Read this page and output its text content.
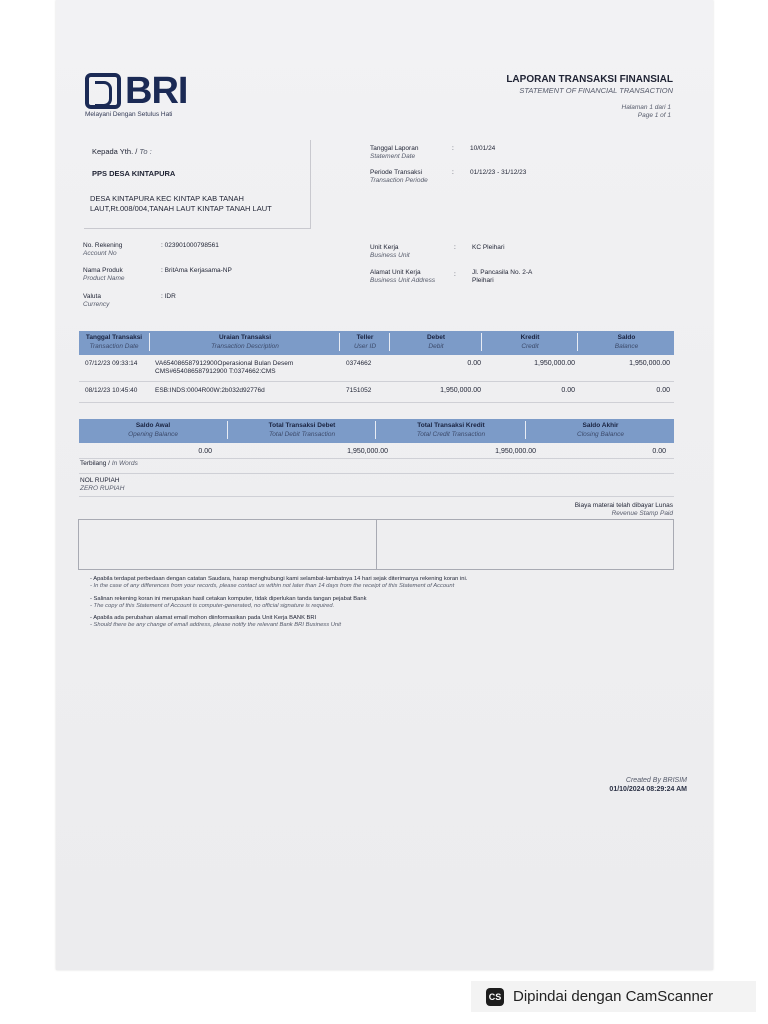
BRI
Melayani Dengan Setulus Hati
LAPORAN TRANSAKSI FINANSIAL
STATEMENT OF FINANCIAL TRANSACTION
Halaman 1 dari 1
Page 1 of 1
Kepada Yth. / To :
PPS DESA KINTAPURA
DESA KINTAPURA KEC KINTAP KAB TANAH LAUT,Rt.008/004,TANAH LAUT KINTAP TANAH LAUT
Tanggal Laporan
Statement Date
: 10/01/24
Periode Transaksi
Transaction Periode
: 01/12/23 - 31/12/23
No. Rekening
Account No
: 023901000798561
Nama Produk
Product Name
: BritAma Kerjasama-NP
Valuta
Currency
: IDR
Unit Kerja
Business Unit
: KC Pleihari
Alamat Unit Kerja
Business Unit Address
: Jl. Pancasila No. 2-A
Pleihari
Tanggal Transaksi
Transaction Date
Uraian Transaksi
Transaction Description
Teller
User ID
Debet
Debit
Kredit
Credit
Saldo
Balance
07/12/23 09:33:14	VA654086587912900Operasional Bulan Desem
CMS#654086587912900 T:0374662:CMS
0374662	0.00	1,950,000.00	1,950,000.00
08/12/23 10:45:40	ESB:INDS:0004R00W:2b032d92776d	7151052	1,950,000.00	0.00	0.00
Saldo Awal
Opening Balance
Total Transaksi Debet
Total Debit Transaction
Total Transaksi Kredit
Total Credit Transaction
Saldo Akhir
Closing Balance
0.00	1,950,000.00	1,950,000.00	0.00
Terbilang / In Words
NOL RUPIAH
ZERO RUPIAH
Biaya materai telah dibayar Lunas
Revenue Stamp Paid
- Apabila terdapat perbedaan dengan catatan Saudara, harap menghubungi kami selambat-lambatnya 14 hari sejak diterimanya rekening koran ini.
- In the case of any differences from your records, please contact us within not later than 14 days from the receipt of this Statement of Account
- Salinan rekening koran ini merupakan hasil cetakan komputer, tidak diperlukan tanda tangan pejabat Bank
- The copy of this Statement of Account is computer-generated, no official signature is required.
- Apabila ada perubahan alamat email mohon diinformasikan pada Unit Kerja BANK BRI
- Should there be any change of email address, please notify the relevant Bank BRI Business Unit
Created By BRISIM
01/10/2024 08:29:24 AM
CS Dipindai dengan CamScanner
